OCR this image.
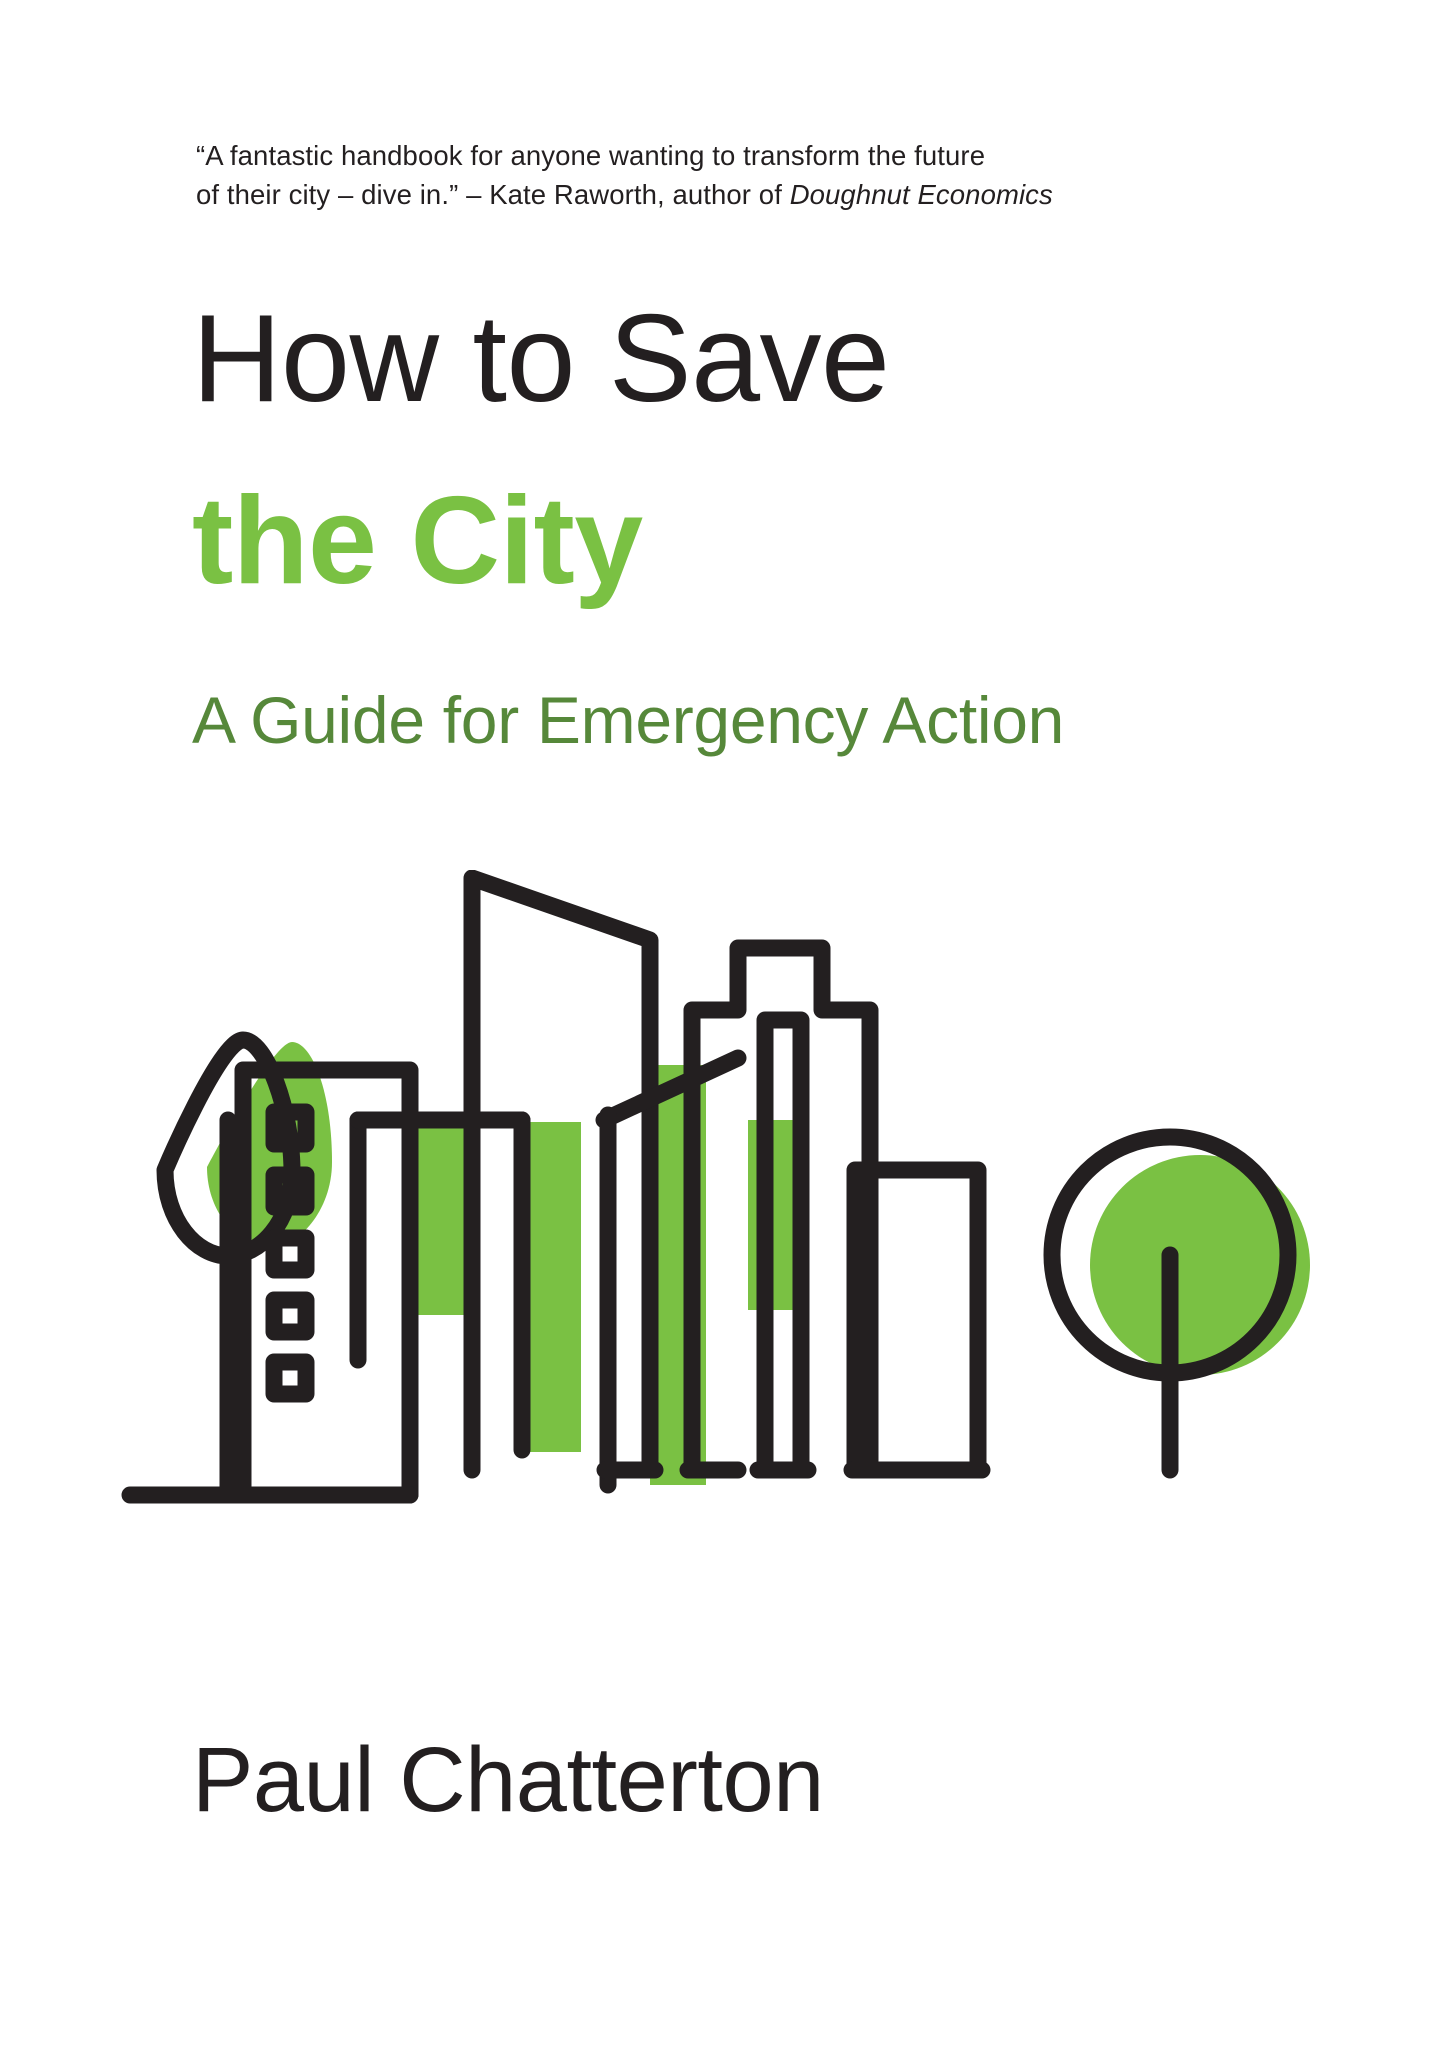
“A fantastic handbook for anyone wanting to transform the future
of their city – dive in.” – Kate Raworth, author of Doughnut Economics
How to Save
the City
A Guide for Emergency Action
Paul Chatterton
